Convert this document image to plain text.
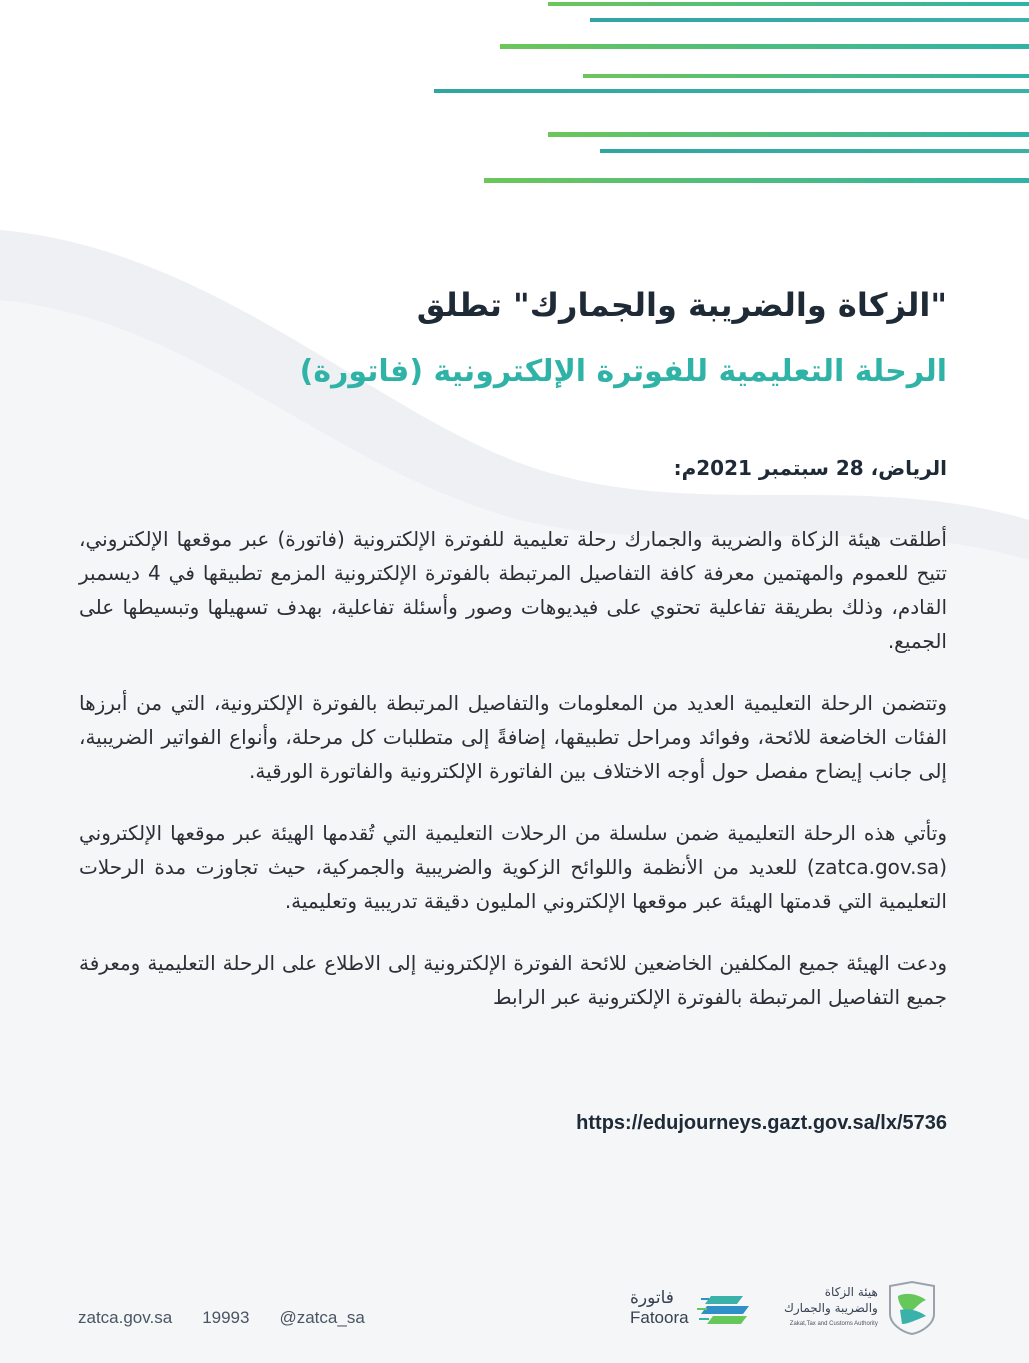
"الزكاة والضريبة والجمارك" تطلق
الرحلة التعليمية للفوترة الإلكترونية (فاتورة)
الرياض، 28 سبتمبر 2021م:

أطلقت هيئة الزكاة والضريبة والجمارك رحلة تعليمية للفوترة الإلكترونية (فاتورة) عبر موقعها الإلكتروني، تتيح للعموم والمهتمين معرفة كافة التفاصيل المرتبطة بالفوترة الإلكترونية المزمع تطبيقها في 4 ديسمبر القادم، وذلك بطريقة تفاعلية تحتوي على فيديوهات وصور وأسئلة تفاعلية، بهدف تسهيلها وتبسيطها على الجميع.

وتتضمن الرحلة التعليمية العديد من المعلومات والتفاصيل المرتبطة بالفوترة الإلكترونية، التي من أبرزها الفئات الخاضعة للائحة، وفوائد ومراحل تطبيقها، إضافةً إلى متطلبات كل مرحلة، وأنواع الفواتير الضريبية، إلى جانب إيضاح مفصل حول أوجه الاختلاف بين الفاتورة الإلكترونية والفاتورة الورقية.

وتأتي هذه الرحلة التعليمية ضمن سلسلة من الرحلات التعليمية التي تُقدمها الهيئة عبر موقعها الإلكتروني (zatca.gov.sa) للعديد من الأنظمة واللوائح الزكوية والضريبية والجمركية، حيث تجاوزت مدة الرحلات التعليمية التي قدمتها الهيئة عبر موقعها الإلكتروني المليون دقيقة تدريبية وتعليمية.

ودعت الهيئة جميع المكلفين الخاضعين للائحة الفوترة الإلكترونية إلى الاطلاع على الرحلة التعليمية ومعرفة جميع التفاصيل المرتبطة بالفوترة الإلكترونية عبر الرابط

https://edujourneys.gazt.gov.sa/lx/5736
zatca.gov.sa 19993 @zatca_sa
فاتورة
Fatoora
هيئة الزكاة
والضريبة والجمارك
Zakat,Tax and Customs Authority
